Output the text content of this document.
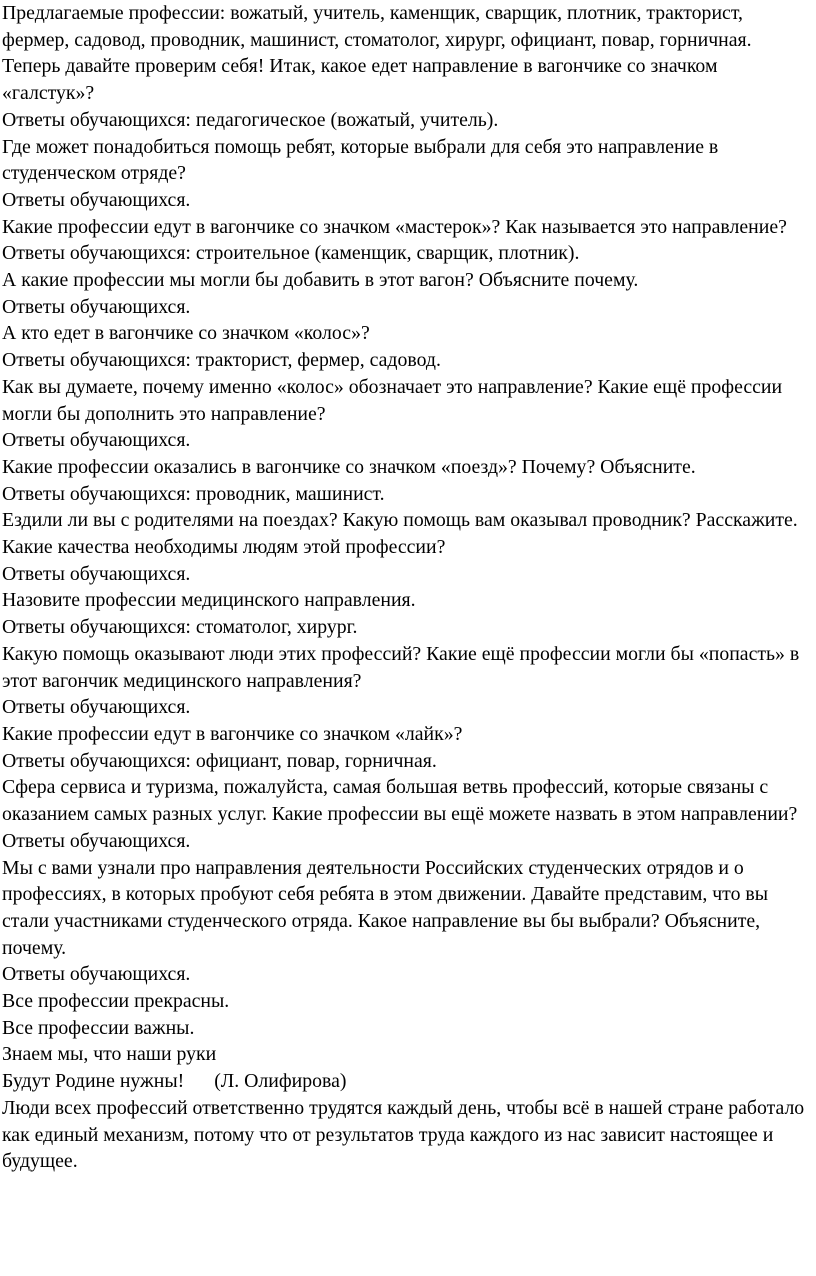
Предлагаемые профессии: вожатый, учитель, каменщик, сварщик, плотник, тракторист, фермер, садовод, проводник, машинист, стоматолог, хирург, официант, повар, горничная.

Теперь давайте проверим себя! Итак, какое едет направление в вагончике со значком «галстук»?

Ответы обучающихся: педагогическое (вожатый, учитель).

Где может понадобиться помощь ребят, которые выбрали для себя это направление в студенческом отряде?

Ответы обучающихся.

Какие профессии едут в вагончике со значком «мастерок»? Как называется это направление?

Ответы обучающихся: строительное (каменщик, сварщик, плотник).

А какие профессии мы могли бы добавить в этот вагон? Объясните почему.

Ответы обучающихся.

А кто едет в вагончике со значком «колос»?

Ответы обучающихся: тракторист, фермер, садовод.

Как вы думаете, почему именно «колос» обозначает это направление? Какие ещё профессии могли бы дополнить это направление?

Ответы обучающихся.

Какие профессии оказались в вагончике со значком «поезд»? Почему? Объясните.

Ответы обучающихся: проводник, машинист.

Ездили ли вы с родителями на поездах? Какую помощь вам оказывал проводник? Расскажите. Какие качества необходимы людям этой профессии?

Ответы обучающихся.

Назовите профессии медицинского направления.

Ответы обучающихся: стоматолог, хирург.

Какую помощь оказывают люди этих профессий? Какие ещё профессии могли бы «попасть» в этот вагончик медицинского направления?

Ответы обучающихся.

Какие профессии едут в вагончике со значком «лайк»?

Ответы обучающихся: официант, повар, горничная.

Сфера сервиса и туризма, пожалуйста, самая большая ветвь профессий, которые связаны с оказанием самых разных услуг. Какие профессии вы ещё можете назвать в этом направлении?

Ответы обучающихся.

Мы с вами узнали про направления деятельности Российских студенческих отрядов и о профессиях, в которых пробуют себя ребята в этом движении. Давайте представим, что вы стали участниками студенческого отряда. Какое направление вы бы выбрали? Объясните, почему.

Ответы обучающихся.

Все профессии прекрасны.

Все профессии важны.

Знаем мы, что наши руки

Будут Родине нужны! (Л. Олифирова)

Люди всех профессий ответственно трудятся каждый день, чтобы всё в нашей стране работало как единый механизм, потому что от результатов труда каждого из нас зависит настоящее и будущее.
